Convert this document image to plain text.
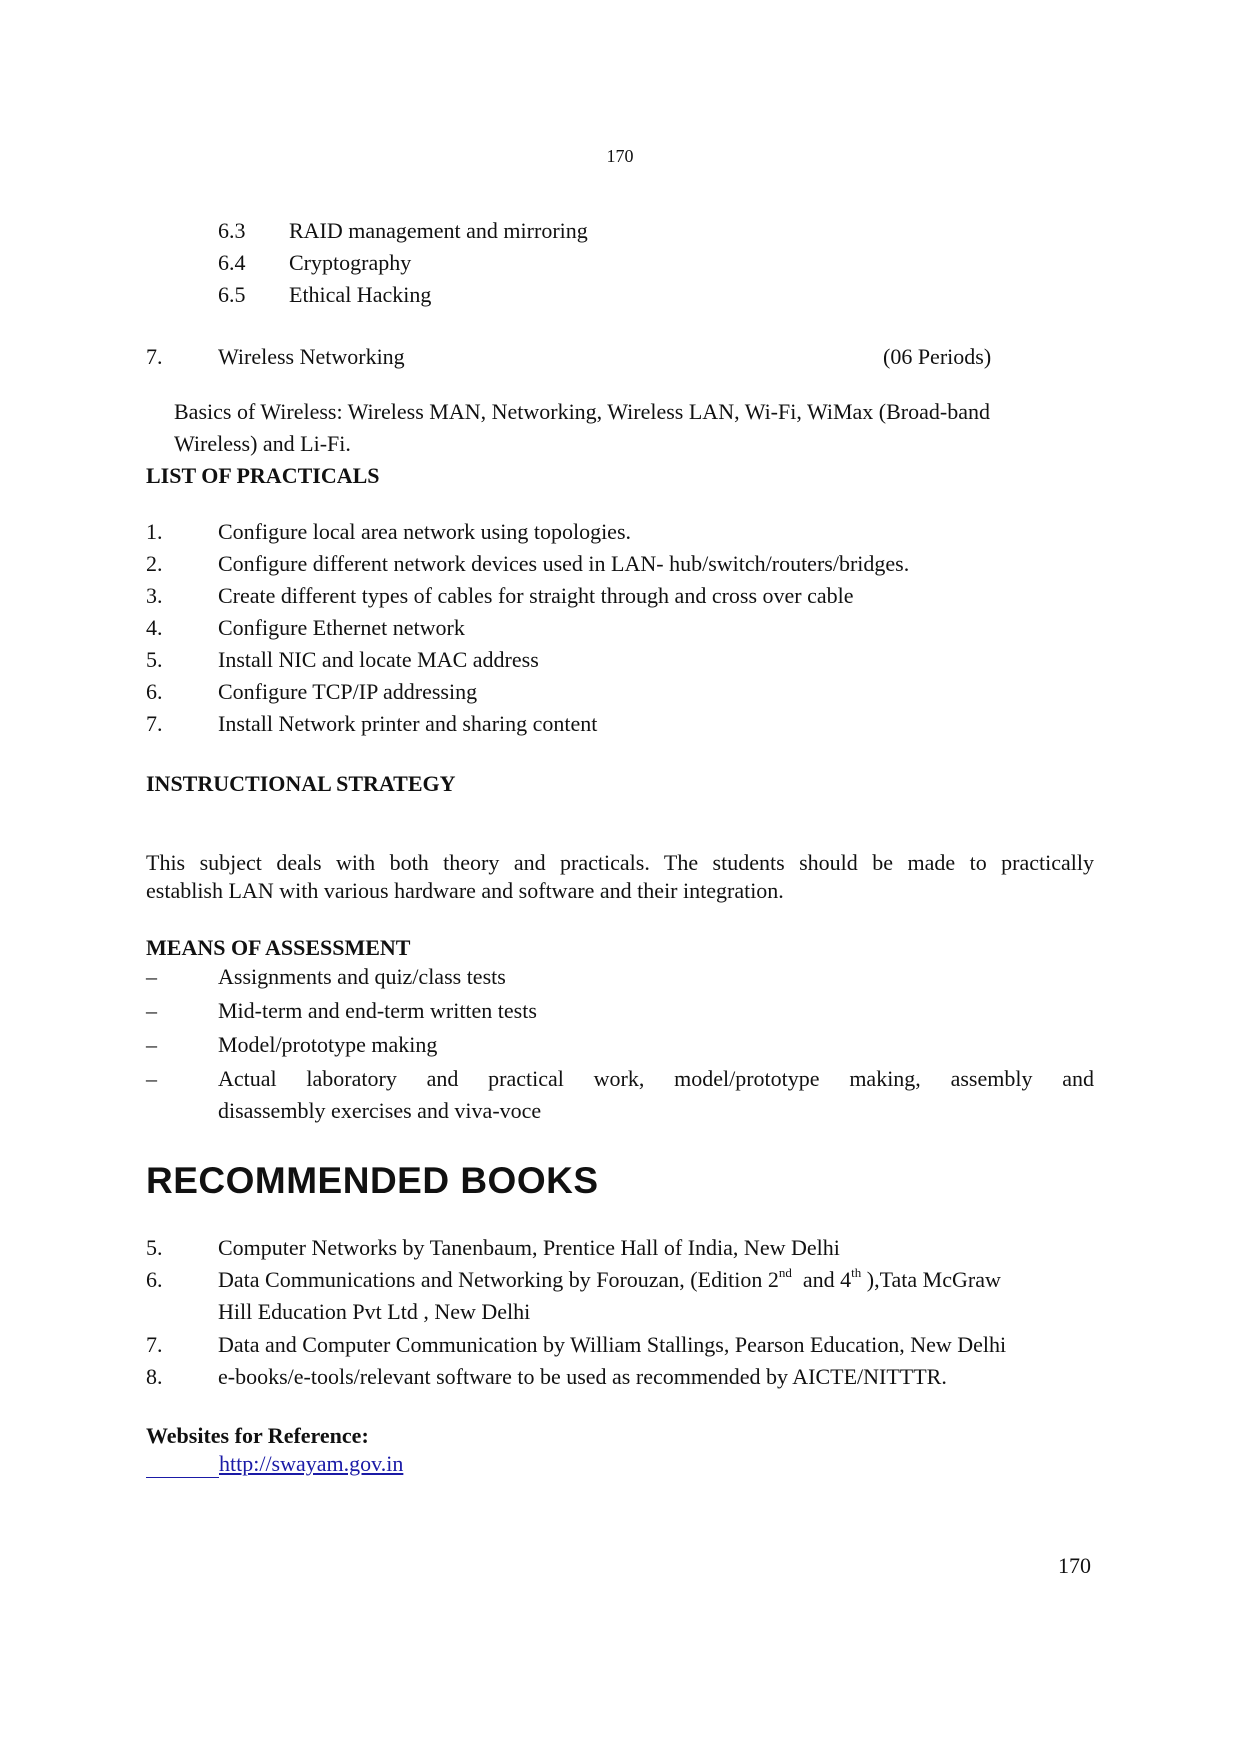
170
6.3 RAID management and mirroring
6.4 Cryptography
6.5 Ethical Hacking
7.	Wireless Networking	(06 Periods)
Basics of Wireless: Wireless MAN, Networking, Wireless LAN, Wi-Fi, WiMax (Broad-band
Wireless) and Li-Fi.
LIST OF PRACTICALS
1.	Configure local area network using topologies.
2.	Configure different network devices used in LAN- hub/switch/routers/bridges.
3.	Create different types of cables for straight through and cross over cable
4.	Configure Ethernet network
5.	Install NIC and locate MAC address
6.	Configure TCP/IP addressing
7.	Install Network printer and sharing content
INSTRUCTIONAL STRATEGY
This subject deals with both theory and practicals. The students should be made to practically
establish LAN with various hardware and software and their integration.
MEANS OF ASSESSMENT
–	Assignments and quiz/class tests
–	Mid-term and end-term written tests
–	Model/prototype making
–	Actual laboratory and practical work, model/prototype making, assembly and
disassembly exercises and viva-voce
RECOMMENDED BOOKS
5.	Computer Networks by Tanenbaum, Prentice Hall of India, New Delhi
6.	Data Communications and Networking by Forouzan, (Edition 2nd  and 4th ),Tata McGraw
Hill Education Pvt Ltd , New Delhi
7.	Data and Computer Communication by William Stallings, Pearson Education, New Delhi
8.	e-books/e-tools/relevant software to be used as recommended by AICTE/NITTTR.
Websites for Reference:
http://swayam.gov.in
170
